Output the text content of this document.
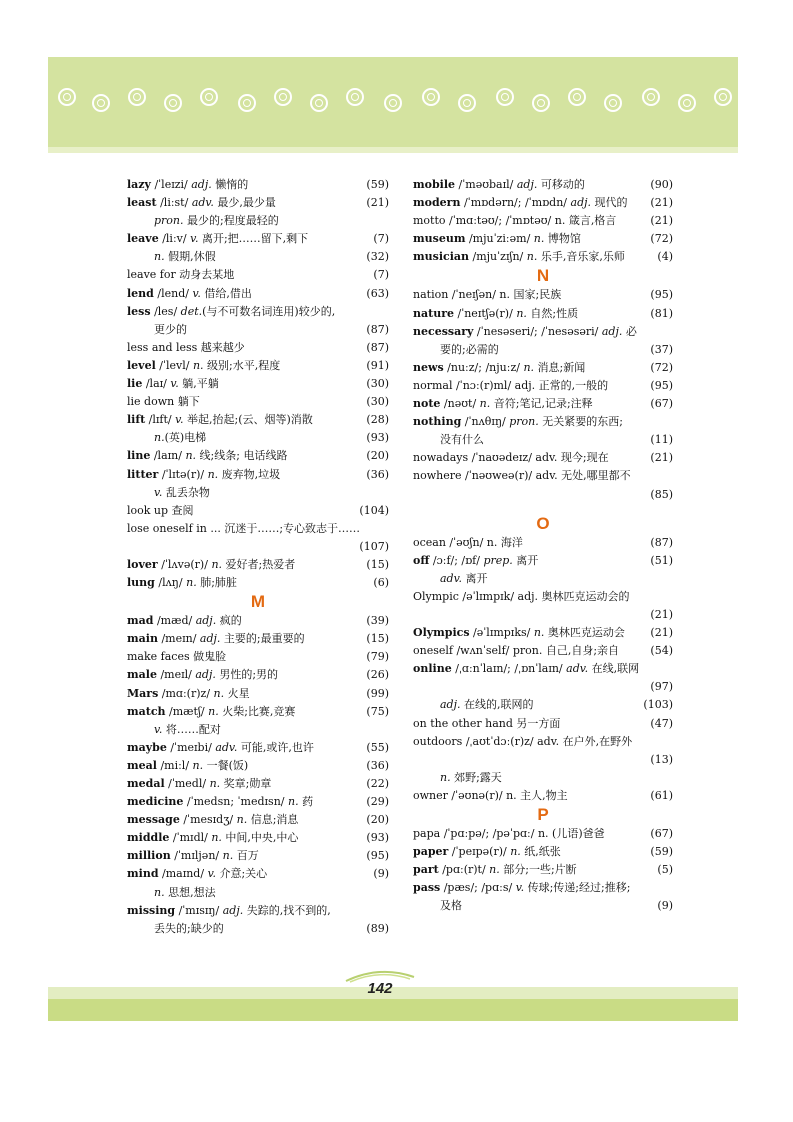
lazy /ˈleɪzi/ adj. 懒惰的	(59)
least /liːst/ adv. 最少,最少量	(21)
pron. 最少的;程度最轻的
leave /liːv/ v. 离开;把……留下,剩下	(7)
n. 假期,休假	(32)
leave for 动身去某地	(7)
lend /lend/ v. 借给,借出	(63)
less /les/ det.(与不可数名词连用)较少的,
更少的	(87)
less and less 越来越少	(87)
level /ˈlevl/ n. 级别;水平,程度	(91)
lie /laɪ/ v. 躺,平躺	(30)
lie down 躺下	(30)
lift /lɪft/ v. 举起,抬起;(云、烟等)消散	(28)
n.(英)电梯	(93)
line /laɪn/ n. 线;线条; 电话线路	(20)
litter /ˈlɪtə(r)/ n. 废弃物,垃圾	(36)
v. 乱丢杂物
look up 查阅	(104)
lose oneself in ... 沉迷于……;专心致志于……
(107)
lover /ˈlʌvə(r)/ n. 爱好者;热爱者	(15)
lung /lʌŋ/ n. 肺;肺脏	(6)
M
mad /mæd/ adj. 疯的	(39)
main /meɪn/ adj. 主要的;最重要的	(15)
make faces 做鬼脸	(79)
male /meɪl/ adj. 男性的;男的	(26)
Mars /mɑː(r)z/ n. 火星	(99)
match /mætʃ/ n. 火柴;比赛,竞赛	(75)
v. 将……配对
maybe /ˈmeɪbi/ adv. 可能,或许,也许	(55)
meal /miːl/ n. 一餐(饭)	(36)
medal /ˈmedl/ n. 奖章;勋章	(22)
medicine /ˈmedsn; ˈmedɪsn/ n. 药	(29)
message /ˈmesɪdʒ/ n. 信息;消息	(20)
middle /ˈmɪdl/ n. 中间,中央,中心	(93)
million /ˈmɪljən/ n. 百万	(95)
mind /maɪnd/ v. 介意;关心	(9)
n. 思想,想法
missing /ˈmɪsɪŋ/ adj. 失踪的,找不到的,
丢失的;缺少的	(89)
mobile /ˈməʊbaɪl/ adj. 可移动的	(90)
modern /ˈmɒdərn/; /ˈmɒdn/ adj. 现代的 (21)
motto /ˈmɑːtəʊ/; /ˈmɒtəʊ/ n. 箴言,格言	(21)
museum /mjuˈziːəm/ n. 博物馆	(72)
musician /mjuˈzɪʃn/ n. 乐手,音乐家,乐师	(4)
N
nation /ˈneɪʃən/ n. 国家;民族	(95)
nature /ˈneɪtʃə(r)/ n. 自然;性质	(81)
necessary /ˈnesəseri/; /ˈnesəsəri/ adj. 必
要的;必需的	(37)
news /nuːz/; /njuːz/ n. 消息;新闻	(72)
normal /ˈnɔː(r)ml/ adj. 正常的,一般的	(95)
note /nəʊt/ n. 音符;笔记,记录;注释	(67)
nothing /ˈnʌθɪŋ/ pron. 无关紧要的东西;
没有什么	(11)
nowadays /ˈnaʊədeɪz/ adv. 现今;现在	(21)
nowhere /ˈnəʊweə(r)/ adv. 无处,哪里都不
(85)
O
ocean /ˈəʊʃn/ n. 海洋	(87)
off /ɔːf/; /ɒf/ prep. 离开	(51)
adv. 离开
Olympic /əˈlɪmpɪk/ adj. 奥林匹克运动会的
(21)
Olympics /əˈlɪmpɪks/ n. 奥林匹克运动会 (21)
oneself /wʌnˈself/ pron. 自己,自身;亲自	(54)
online /ˌɑːnˈlaɪn/; /ˌɒnˈlaɪn/ adv. 在线,联网
(97)
adj. 在线的,联网的	(103)
on the other hand 另一方面	(47)
outdoors /ˌaʊtˈdɔː(r)z/ adv. 在户外,在野外
(13)
n. 郊野;露天
owner /ˈəʊnə(r)/ n. 主人,物主	(61)
P
papa /ˈpɑːpə/; /pəˈpɑː/ n. (儿语)爸爸	(67)
paper /ˈpeɪpə(r)/ n. 纸,纸张	(59)
part /pɑː(r)t/ n. 部分;一些;片断	(5)
pass /pæs/; /pɑːs/ v. 传球;传递;经过;推移;
及格	(9)
142
